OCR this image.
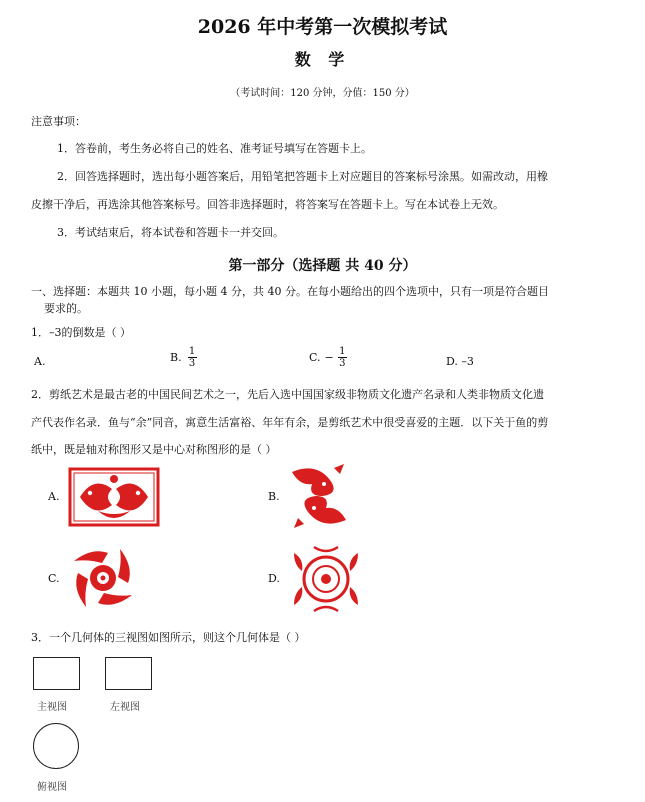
2026 年中考第一次模拟考试
数 学
（考试时间：120 分钟，分值：150 分）
注意事项：
1．答卷前，考生务必将自己的姓名、准考证号填写在答题卡上。
2．回答选择题时，选出每小题答案后，用铅笔把答题卡上对应题目的答案标号涂黑。如需改动，用橡
皮擦干净后，再选涂其他答案标号。回答非选择题时，将答案写在答题卡上。写在本试卷上无效。
3．考试结束后，将本试卷和答题卡一并交回。
第一部分（选择题 共 40 分）
一、选择题：本题共 10 小题，每小题 4 分，共 40 分。在每小题给出的四个选项中，只有一项是符合题目
要求的。
1．–3的倒数是（ ）
A.	B. $\frac{1}{3}$	C. − $\frac{1}{3}$	D. –3
2．剪纸艺术是最古老的中国民间艺术之一，先后入选中国国家级非物质文化遗产名录和人类非物质文化遗
产代表作名录．鱼与“余”同音，寓意生活富裕、年年有余，是剪纸艺术中很受喜爱的主题．以下关于鱼的剪
纸中，既是轴对称图形又是中心对称图形的是（ ）
A.	B.
C.	D.
3．一个几何体的三视图如图所示，则这个几何体是（ ）
主视图	左视图
俯视图
